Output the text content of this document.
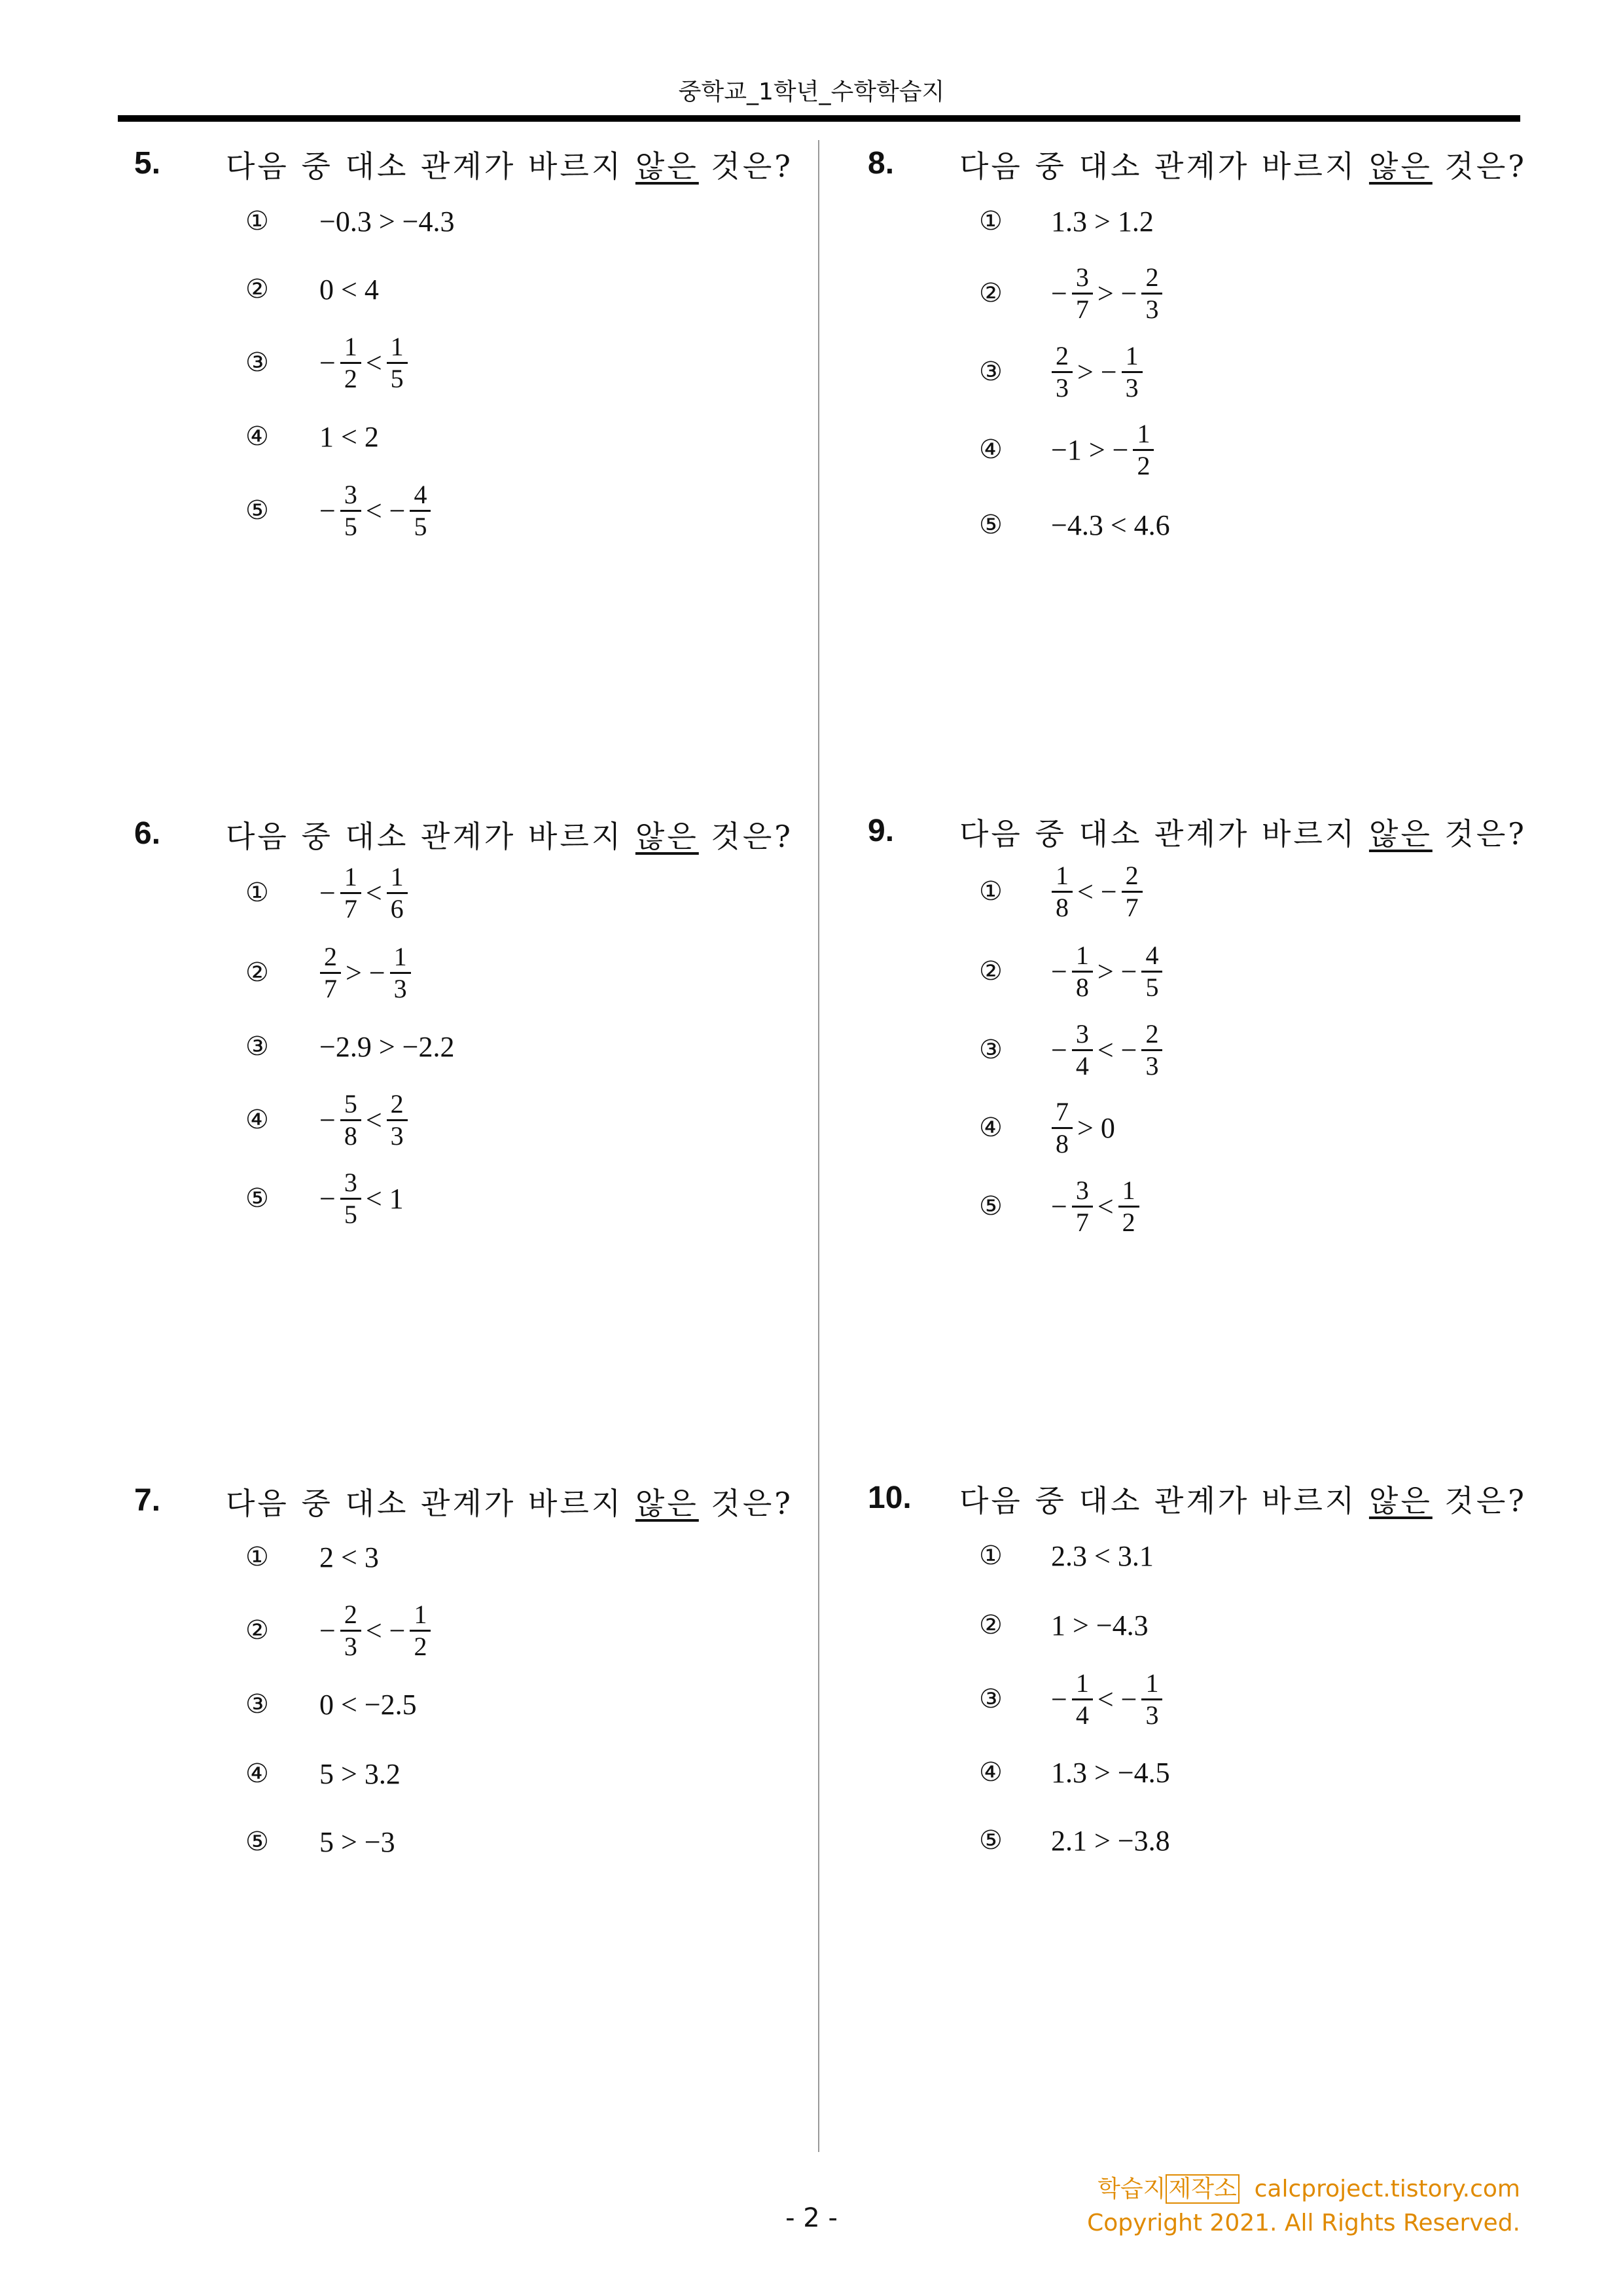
중학교_1학년_수학학습지
5. 다음 중 대소 관계가 바르지 않은 것은?
① −0.3 > −4.3
② 0 < 4
③ − $\frac{1}{2} < \frac{1}{5}$
④ 1 < 2
⑤ − $\frac{3}{5}$ < − $\frac{4}{5}$
6. 다음 중 대소 관계가 바르지 않은 것은?
① − $\frac{1}{7} < \frac{1}{6}$
② $\frac{2}{7}$ > − $\frac{1}{3}$
③ −2.9 > −2.2
④ − $\frac{5}{8} < \frac{2}{3}$
⑤ − $\frac{3}{5} < 1$
7. 다음 중 대소 관계가 바르지 않은 것은?
① 2 < 3
② − $\frac{2}{3}$ < − $\frac{1}{2}$
③ 0 < −2.5
④ 5 > 3.2
⑤ 5 > −3
8. 다음 중 대소 관계가 바르지 않은 것은?
① 1.3 > 1.2
② − $\frac{3}{7}$ > − $\frac{2}{3}$
③ $\frac{2}{3}$ > − $\frac{1}{3}$
④ −1 > − $\frac{1}{2}$
⑤ −4.3 < 4.6
9. 다음 중 대소 관계가 바르지 않은 것은?
① $\frac{1}{8}$ < − $\frac{2}{7}$
② − $\frac{1}{8}$ > − $\frac{4}{5}$
③ − $\frac{3}{4}$ < − $\frac{2}{3}$
④ $\frac{7}{8} > 0$
⑤ − $\frac{3}{7} < \frac{1}{2}$
10. 다음 중 대소 관계가 바르지 않은 것은?
① 2.3 < 3.1
② 1 > −4.3
③ − $\frac{1}{4}$ < − $\frac{1}{3}$
④ 1.3 > −4.5
⑤ 2.1 > −3.8
- 2 -
학습지 제작소 calcproject.tistory.com
Copyright 2021. All Rights Reserved.
